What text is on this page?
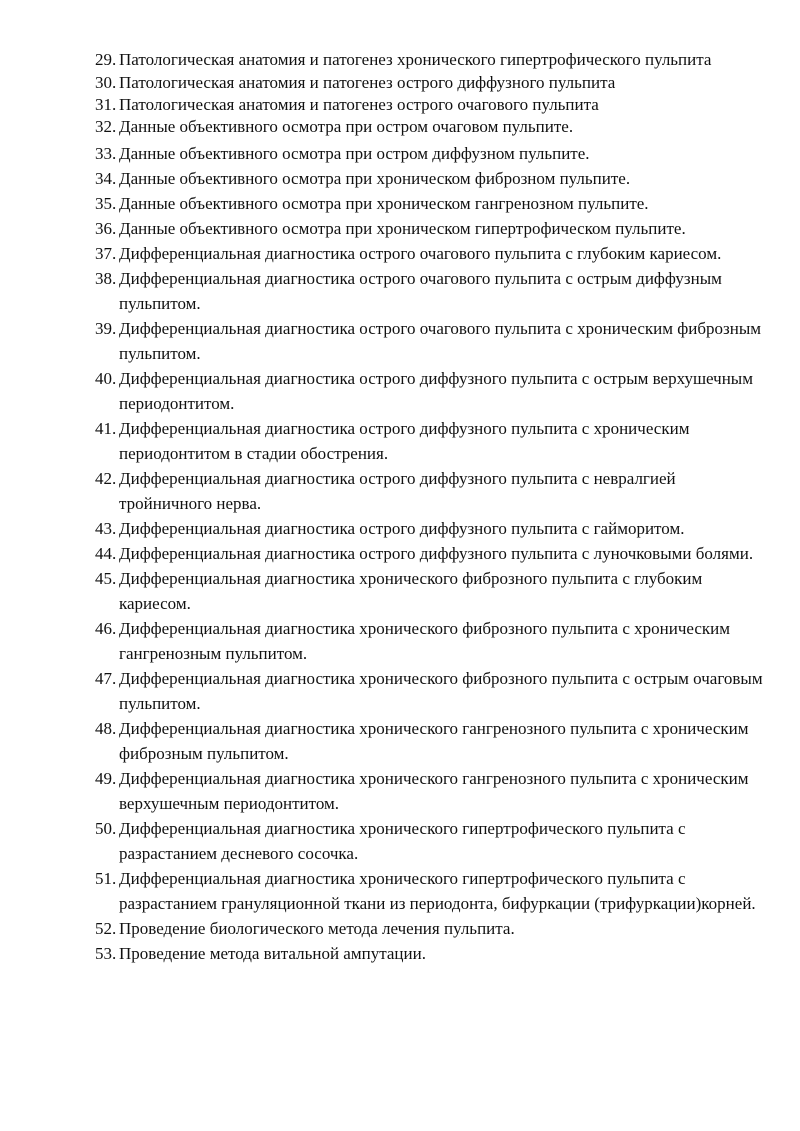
29. Патологическая анатомия и патогенез хронического гипертрофического пульпита
30. Патологическая анатомия и патогенез острого диффузного пульпита
31. Патологическая анатомия и патогенез острого очагового пульпита
32. Данные объективного осмотра при остром очаговом пульпите.
33. Данные объективного осмотра при остром диффузном пульпите.
34. Данные объективного осмотра при хроническом фиброзном пульпите.
35. Данные объективного осмотра при хроническом гангренозном пульпите.
36. Данные объективного осмотра при хроническом гипертрофическом пульпите.
37. Дифференциальная диагностика острого очагового пульпита с глубоким кариесом.
38. Дифференциальная диагностика острого очагового пульпита с острым диффузным пульпитом.
39. Дифференциальная диагностика острого очагового пульпита с хроническим фиброзным пульпитом.
40. Дифференциальная диагностика острого диффузного пульпита с острым верхушечным периодонтитом.
41. Дифференциальная диагностика острого диффузного пульпита с хроническим периодонтитом в стадии обострения.
42. Дифференциальная диагностика острого диффузного пульпита с невралгией тройничного нерва.
43. Дифференциальная диагностика острого диффузного пульпита с гайморитом.
44. Дифференциальная диагностика острого диффузного пульпита с луночковыми болями.
45. Дифференциальная диагностика хронического фиброзного пульпита с глубоким кариесом.
46. Дифференциальная диагностика хронического фиброзного пульпита с хроническим гангренозным пульпитом.
47. Дифференциальная диагностика хронического фиброзного пульпита с острым очаговым пульпитом.
48. Дифференциальная диагностика хронического гангренозного пульпита с хроническим фиброзным пульпитом.
49. Дифференциальная диагностика хронического гангренозного пульпита с хроническим верхушечным периодонтитом.
50. Дифференциальная диагностика хронического гипертрофического пульпита с разрастанием десневого сосочка.
51. Дифференциальная диагностика хронического гипертрофического пульпита с разрастанием грануляционной ткани из периодонта, бифуркации (трифуркации)корней.
52. Проведение биологического метода лечения пульпита.
53. Проведение метода витальной ампутации.
